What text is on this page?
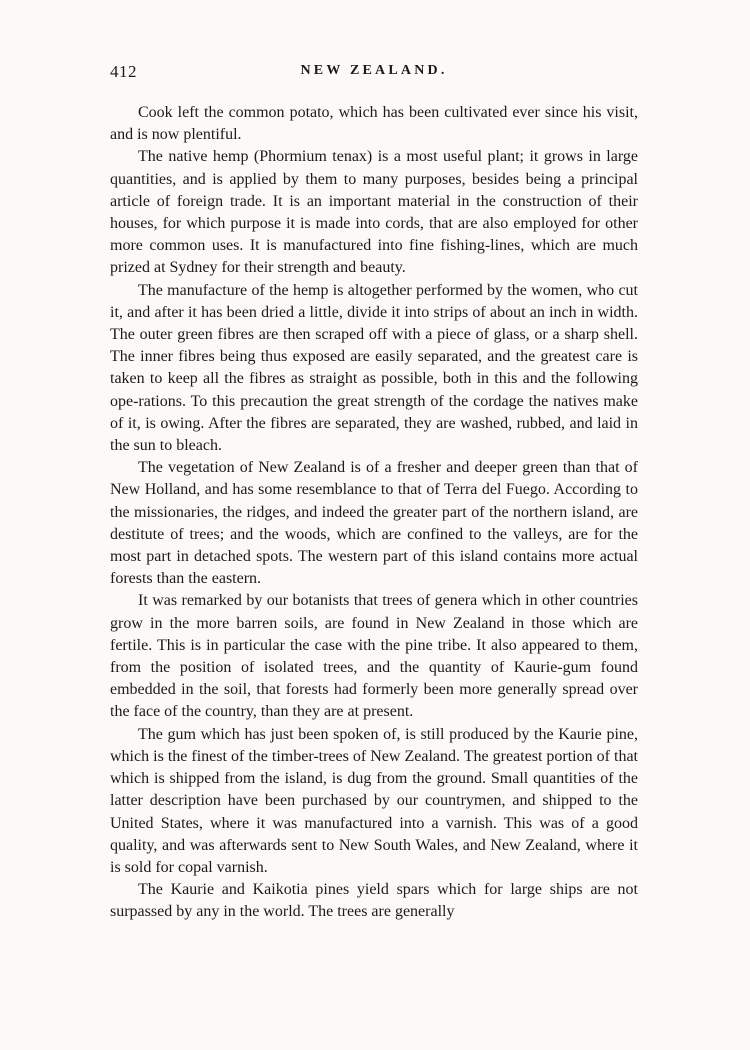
412	NEW ZEALAND.

Cook left the common potato, which has been cultivated ever since his visit, and is now plentiful.

The native hemp (Phormium tenax) is a most useful plant; it grows in large quantities, and is applied by them to many purposes, besides being a principal article of foreign trade. It is an important material in the construction of their houses, for which purpose it is made into cords, that are also employed for other more common uses. It is manufactured into fine fishing-lines, which are much prized at Sydney for their strength and beauty.

The manufacture of the hemp is altogether performed by the women, who cut it, and after it has been dried a little, divide it into strips of about an inch in width. The outer green fibres are then scraped off with a piece of glass, or a sharp shell. The inner fibres being thus exposed are easily separated, and the greatest care is taken to keep all the fibres as straight as possible, both in this and the following ope-rations. To this precaution the great strength of the cordage the natives make of it, is owing. After the fibres are separated, they are washed, rubbed, and laid in the sun to bleach.

The vegetation of New Zealand is of a fresher and deeper green than that of New Holland, and has some resemblance to that of Terra del Fuego. According to the missionaries, the ridges, and indeed the greater part of the northern island, are destitute of trees; and the woods, which are confined to the valleys, are for the most part in detached spots. The western part of this island contains more actual forests than the eastern.

It was remarked by our botanists that trees of genera which in other countries grow in the more barren soils, are found in New Zealand in those which are fertile. This is in particular the case with the pine tribe. It also appeared to them, from the position of isolated trees, and the quantity of Kaurie-gum found embedded in the soil, that forests had formerly been more generally spread over the face of the country, than they are at present.

The gum which has just been spoken of, is still produced by the Kaurie pine, which is the finest of the timber-trees of New Zealand. The greatest portion of that which is shipped from the island, is dug from the ground. Small quantities of the latter description have been purchased by our countrymen, and shipped to the United States, where it was manufactured into a varnish. This was of a good quality, and was afterwards sent to New South Wales, and New Zealand, where it is sold for copal varnish.

The Kaurie and Kaikotia pines yield spars which for large ships are not surpassed by any in the world. The trees are generally
